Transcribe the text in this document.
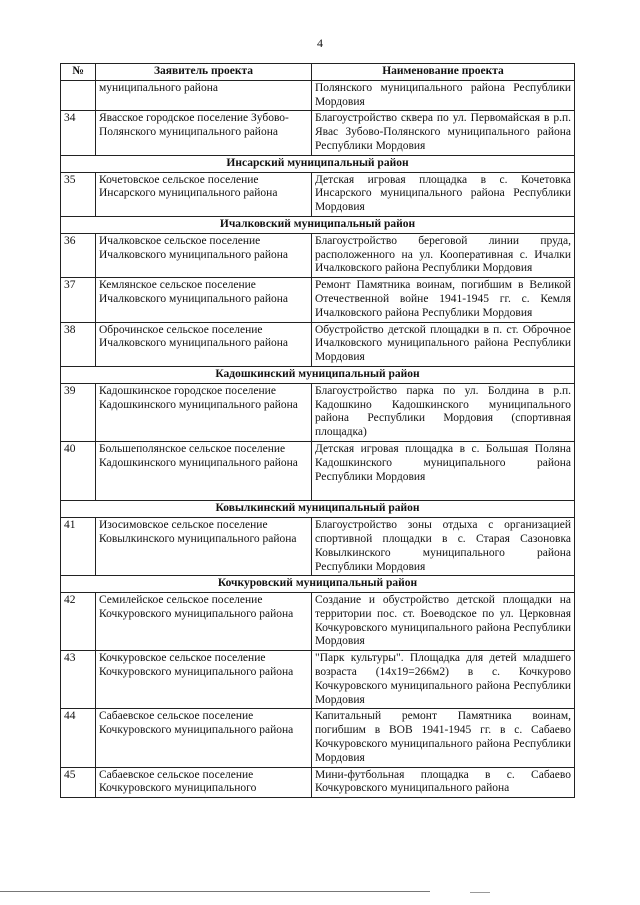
4
№	Заявитель проекта	Наименование проекта
	муниципального района	Полянского муниципального района Республики Мордовия
34	Явасское городское поселение Зубово-Полянского муниципального района	Благоустройство сквера по ул. Первомайская в р.п. Явас Зубово-Полянского муниципального района Республики Мордовия
Инсарский муниципальный район		
35	Кочетовское сельское поселение Инсарского муниципального района	Детская игровая площадка в с. Кочетовка Инсарского муниципального района Республики Мордовия
Ичалковский муниципальный район		
36	Ичалковское сельское поселение Ичалковского муниципального района	Благоустройство береговой линии пруда, расположенного на ул. Кооперативная с. Ичалки Ичалковского района Республики Мордовия
37	Кемлянское сельское поселение Ичалковского муниципального района	Ремонт Памятника воинам, погибшим в Великой Отечественной войне 1941-1945 гг. с. Кемля Ичалковского района Республики Мордовия
38	Оброчинское сельское поселение Ичалковского муниципального района	Обустройство детской площадки в п. ст. Оброчное Ичалковского муниципального района Республики Мордовия
Кадошкинский муниципальный район		
39	Кадошкинское городское поселение Кадошкинского муниципального района	Благоустройство парка по ул. Болдина в р.п. Кадошкино Кадошкинского муниципального района Республики Мордовия (спортивная площадка)
40	Большеполянское сельское поселение Кадошкинского муниципального района	Детская игровая площадка в с. Большая Поляна Кадошкинского муниципального района Республики Мордовия
Ковылкинский муниципальный район		
41	Изосимовское сельское поселение Ковылкинского муниципального района	Благоустройство зоны отдыха с организацией спортивной площадки в с. Старая Сазоновка Ковылкинского муниципального района Республики Мордовия
Кочкуровский муниципальный район		
42	Семилейское сельское поселение Кочкуровского муниципального района	Создание и обустройство детской площадки на территории пос. ст. Воеводское по ул. Церковная Кочкуровского муниципального района Республики Мордовия
43	Кочкуровское сельское поселение Кочкуровского муниципального района	"Парк культуры". Площадка для детей младшего возраста (14х19=266м2) в с. Кочкурово Кочкуровского муниципального района Республики Мордовия
44	Сабаевское сельское поселение Кочкуровского муниципального района	Капитальный ремонт Памятника воинам, погибшим в ВОВ 1941-1945 гг. в с. Сабаево Кочкуровского муниципального района Республики Мордовия
45	Сабаевское сельское поселение Кочкуровского муниципального	Мини-футбольная площадка в с. Сабаево Кочкуровского муниципального района
